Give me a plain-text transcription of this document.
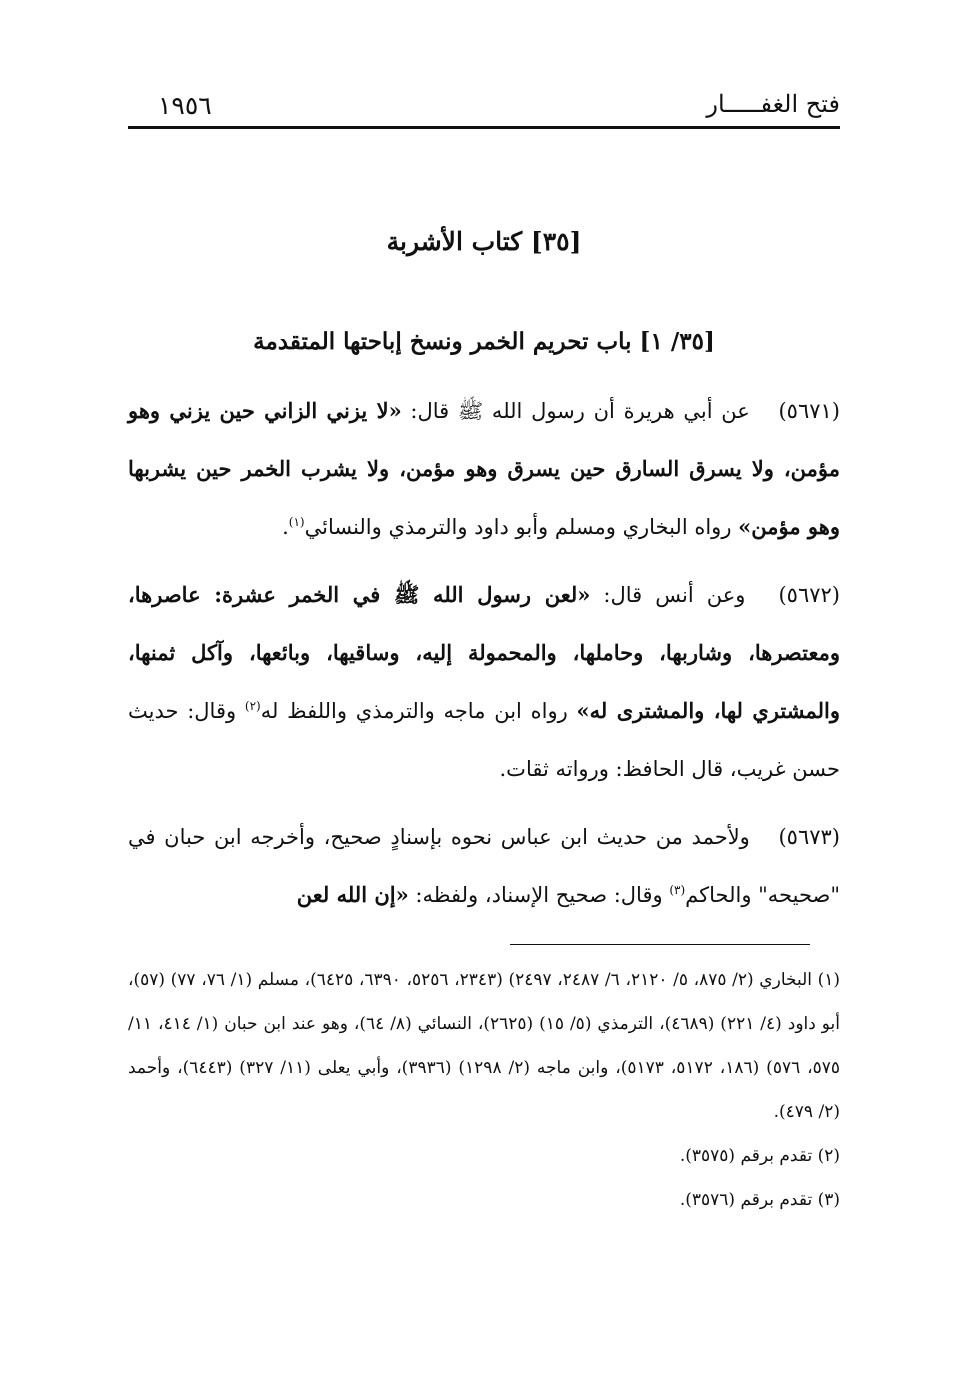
فتح الغفـــــار
١٩٥٦
[٣٥] كتاب الأشربة
[٣٥/ ١] باب تحريم الخمر ونسخ إباحتها المتقدمة

(٥٦٧١) عن أبي هريرة أن رسول الله ﷺ قال: «لا يزني الزاني حين يزني وهو مؤمن، ولا يسرق السارق حين يسرق وهو مؤمن، ولا يشرب الخمر حين يشربها وهو مؤمن» رواه البخاري ومسلم وأبو داود والترمذي والنسائي$^{(١)}$.

(٥٦٧٢) وعن أنس قال: «لعن رسول الله ﷺ في الخمر عشرة: عاصرها، ومعتصرها، وشاربها، وحاملها، والمحمولة إليه، وساقيها، وبائعها، وآكل ثمنها، والمشتري لها، والمشترى له» رواه ابن ماجه والترمذي واللفظ له$^{(٢)}$ وقال: حديث حسن غريب، قال الحافظ: ورواته ثقات.

(٥٦٧٣) ولأحمد من حديث ابن عباس نحوه بإسنادٍ صحيح، وأخرجه ابن حبان في "صحيحه" والحاكم$^{(٣)}$ وقال: صحيح الإسناد، ولفظه: «إن الله لعن

(١) البخاري (٢/ ٨٧٥، ٥/ ٢١٢٠، ٦/ ٢٤٨٧، ٢٤٩٧) (٢٣٤٣، ٥٢٥٦، ٦٣٩٠، ٦٤٢٥)، مسلم (١/ ٧٦، ٧٧) (٥٧)، أبو داود (٤/ ٢٢١) (٤٦٨٩)، الترمذي (٥/ ١٥) (٢٦٢٥)، النسائي (٨/ ٦٤)، وهو عند ابن حبان (١/ ٤١٤، ١١/ ٥٧٥، ٥٧٦) (١٨٦، ٥١٧٢، ٥١٧٣)، وابن ماجه (٢/ ١٢٩٨) (٣٩٣٦)، وأبي يعلى (١١/ ٣٢٧) (٦٤٤٣)، وأحمد (٢/ ٤٧٩).

(٢) تقدم برقم (٣٥٧٥).

(٣) تقدم برقم (٣٥٧٦).
